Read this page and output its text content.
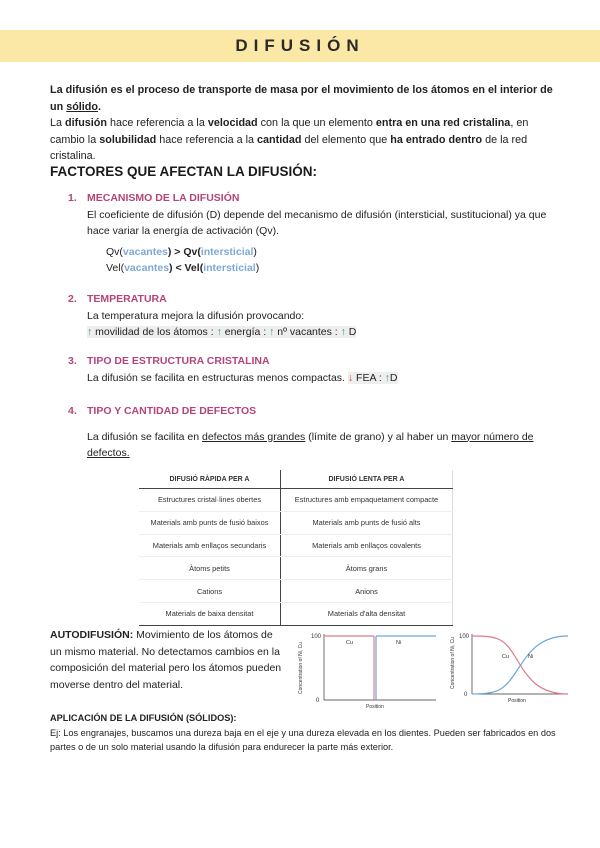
DIFUSIÓN

La difusión es el proceso de transporte de masa por el movimiento de los átomos en el interior de un sólido.

La difusión hace referencia a la velocidad con la que un elemento entra en una red cristalina, en cambio la solubilidad hace referencia a la cantidad del elemento que ha entrado dentro de la red cristalina.

FACTORES QUE AFECTAN LA DIFUSIÓN:
1. MECANISMO DE LA DIFUSIÓN
El coeficiente de difusión (D) depende del mecanismo de difusión (intersticial, sustitucional) ya que hace variar la energía de activación (Qv).
Qv(vacantes) > Qv(intersticial)
Vel(vacantes) < Vel(intersticial)
2. TEMPERATURA
La temperatura mejora la difusión provocando:
↑ movilidad de los átomos : ↑ energía : ↑ nº vacantes : ↑ D
3. TIPO DE ESTRUCTURA CRISTALINA
La difusión se facilita en estructuras menos compactas. ↓ FEA : ↑D
4. TIPO Y CANTIDAD DE DEFECTOS
La difusión se facilita en defectos más grandes (límite de grano) y al haber un mayor número de defectos.
DIFUSIÓ RÀPIDA PER A	DIFUSIÓ LENTA PER A
Estructures cristal·lines obertes	Estructures amb empaquetament compacte
Materials amb punts de fusió baixos	Materials amb punts de fusió alts
Materials amb enllaços secundaris	Materials amb enllaços covalents
Àtoms petits	Àtoms grans
Cations	Anions
Materials de baixa densitat	Materials d'alta densitat
AUTODIFUSIÓN: Movimiento de los átomos de un mismo material. No detectamos cambios en la composición del material pero los átomos pueden moverse dentro del material.	Concentration of Ni, Cu
100
0
Cu	Ni
Position
Concentration of Ni, Cu
100
0
Cu	Ni
Position
APLICACIÓN DE LA DIFUSIÓN (SÓLIDOS):
Ej: Los engranajes, buscamos una dureza baja en el eje y una dureza elevada en los dientes. Pueden ser fabricados en dos partes o de un solo material usando la difusión para endurecer la parte más exterior.
